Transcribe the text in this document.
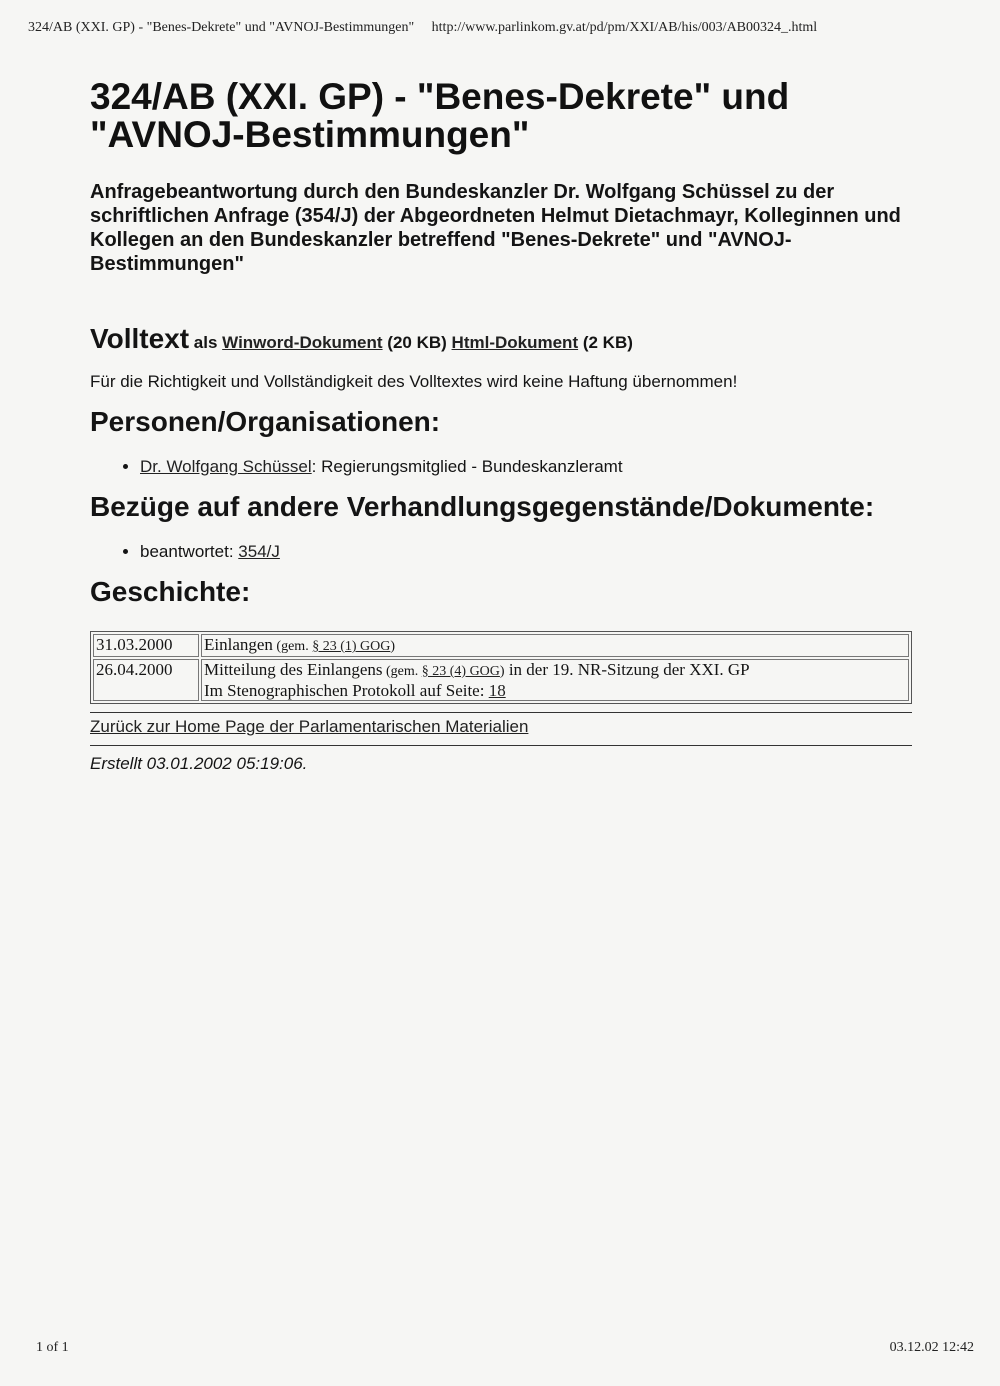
324/AB (XXI. GP) - "Benes-Dekrete" und "AVNOJ-Bestimmungen" http://www.parlinkom.gv.at/pd/pm/XXI/AB/his/003/AB00324_.html
324/AB (XXI. GP) - "Benes-Dekrete" und "AVNOJ-Bestimmungen"
Anfragebeantwortung durch den Bundeskanzler Dr. Wolfgang Schüssel zu der schriftlichen Anfrage (354/J) der Abgeordneten Helmut Dietachmayr, Kolleginnen und Kollegen an den Bundeskanzler betreffend "Benes-Dekrete" und "AVNOJ-Bestimmungen"
Volltext als Winword-Dokument (20 KB) Html-Dokument (2 KB)
Für die Richtigkeit und Vollständigkeit des Volltextes wird keine Haftung übernommen!
Personen/Organisationen:
• Dr. Wolfgang Schüssel: Regierungsmitglied - Bundeskanzleramt
Bezüge auf andere Verhandlungsgegenstände/Dokumente:
• beantwortet: 354/J
Geschichte:
31.03.2000	Einlangen (gem. § 23 (1) GOG)
26.04.2000	Mitteilung des Einlangens (gem. § 23 (4) GOG) in der 19. NR-Sitzung der XXI. GP
Im Stenographischen Protokoll auf Seite: 18
Zurück zur Home Page der Parlamentarischen Materialien
Erstellt 03.01.2002 05:19:06.
1 of 1	03.12.02 12:42
